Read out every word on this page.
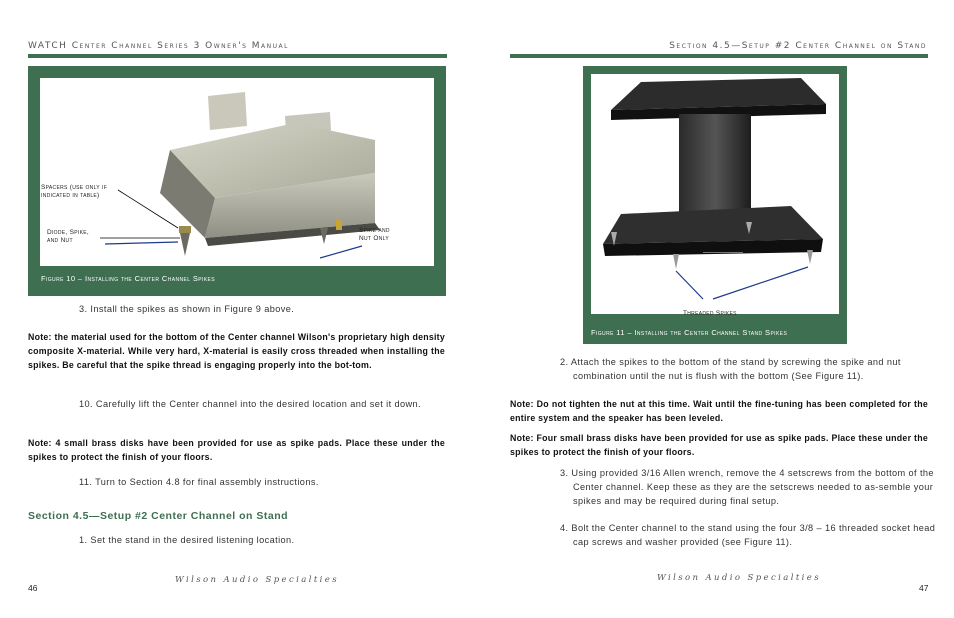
WATCH Center Channel Series 3 Owner's Manual
Spacers (use only if
indicated in table)
Diode, Spike,
and Nut
Spike and
Nut Only
Figure 10 – Installing the Center Channel Spikes
3. Install the spikes as shown in Figure 9 above.
Note: the material used for the bottom of the Center channel Wilson's proprietary high density composite X-material. While very hard, X-material is easily cross threaded when installing the spikes. Be careful that the spike thread is engaging properly into the bot-tom.
10. Carefully lift the Center channel into the desired location and set it down.
Note: 4 small brass disks have been provided for use as spike pads. Place these under the spikes to protect the finish of your floors.
11. Turn to Section 4.8 for final assembly instructions.
Section 4.5—Setup #2 Center Channel on Stand
1. Set the stand in the desired listening location.
Wilson Audio Specialties
46
Section 4.5—Setup #2 Center Channel on Stand
Threaded Spikes
Figure 11 – Installing the Center Channel Stand Spikes
2. Attach the spikes to the bottom of the stand by screwing the spike and nut combination until the nut is flush with the bottom (See Figure 11).
Note: Do not tighten the nut at this time. Wait until the fine-tuning has been completed for the entire system and the speaker has been leveled.
Note: Four small brass disks have been provided for use as spike pads. Place these under the spikes to protect the finish of your floors.
3. Using provided 3/16 Allen wrench, remove the 4 setscrews from the bottom of the Center channel. Keep these as they are the setscrews needed to as-semble your spikes and may be required during final setup.
4. Bolt the Center channel to the stand using the four 3/8 – 16 threaded socket head cap screws and washer provided (see Figure 11).
Wilson Audio Specialties
47
